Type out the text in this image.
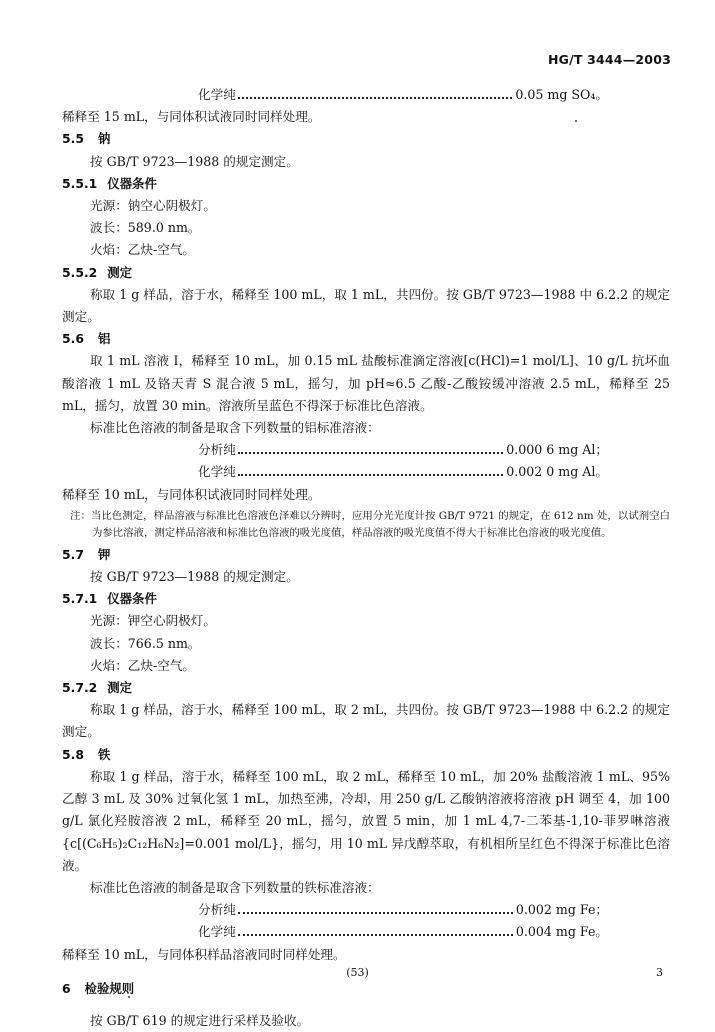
HG/T 3444—2003
化学纯	0.05 mg SO₄。

稀释至 15 mL，与同体积试液同时同样处理。

5.5 钠

按 GB/T 9723—1988 的规定测定。

5.5.1 仪器条件

光源：钠空心阴极灯。

波长：589.0 nm。

火焰：乙炔-空气。

5.5.2 测定

称取 1 g 样品，溶于水，稀释至 100 mL，取 1 mL，共四份。按 GB/T 9723—1988 中 6.2.2 的规定测定。

5.6 铝

取 1 mL 溶液 Ⅰ，稀释至 10 mL，加 0.15 mL 盐酸标准滴定溶液[c(HCl)=1 mol/L]、10 g/L 抗坏血酸溶液 1 mL 及铬天青 S 混合液 5 mL，摇匀，加 pH≈6.5 乙酸-乙酸铵缓冲溶液 2.5 mL，稀释至 25 mL，摇匀，放置 30 min。溶液所呈蓝色不得深于标准比色溶液。

标准比色溶液的制备是取含下列数量的铝标准溶液：

分析纯	0.000 6 mg Al；
化学纯	0.002 0 mg Al。

稀释至 10 mL，与同体积试液同时同样处理。

注：当比色测定，样品溶液与标准比色溶液色泽难以分辨时，应用分光光度计按 GB/T 9721 的规定，在 612 nm 处，以试剂空白为参比溶液，测定样品溶液和标准比色溶液的吸光度值，样品溶液的吸光度值不得大于标准比色溶液的吸光度值。

5.7 钾

按 GB/T 9723—1988 的规定测定。

5.7.1 仪器条件

光源：钾空心阴极灯。

波长：766.5 nm。

火焰：乙炔-空气。

5.7.2 测定

称取 1 g 样品，溶于水，稀释至 100 mL，取 2 mL，共四份。按 GB/T 9723—1988 中 6.2.2 的规定测定。

5.8 铁

称取 1 g 样品，溶于水，稀释至 100 mL，取 2 mL，稀释至 10 mL，加 20% 盐酸溶液 1 mL、95% 乙醇 3 mL 及 30% 过氧化氢 1 mL，加热至沸，冷却，用 250 g/L 乙酸钠溶液将溶液 pH 调至 4，加 100 g/L 氯化羟胺溶液 2 mL，稀释至 20 mL，摇匀，放置 5 min，加 1 mL 4,7-二苯基-1,10-菲罗啉溶液{c[(C₆H₅)₂C₁₂H₆N₂]=0.001 mol/L}，摇匀，用 10 mL 异戊醇萃取，有机相所呈红色不得深于标准比色溶液。

标准比色溶液的制备是取含下列数量的铁标准溶液：

分析纯	0.002 mg Fe；
化学纯	0.004 mg Fe。

稀释至 10 mL，与同体积样品溶液同时同样处理。

6 检验规则

按 GB/T 619 的规定进行采样及验收。

(53)	3
